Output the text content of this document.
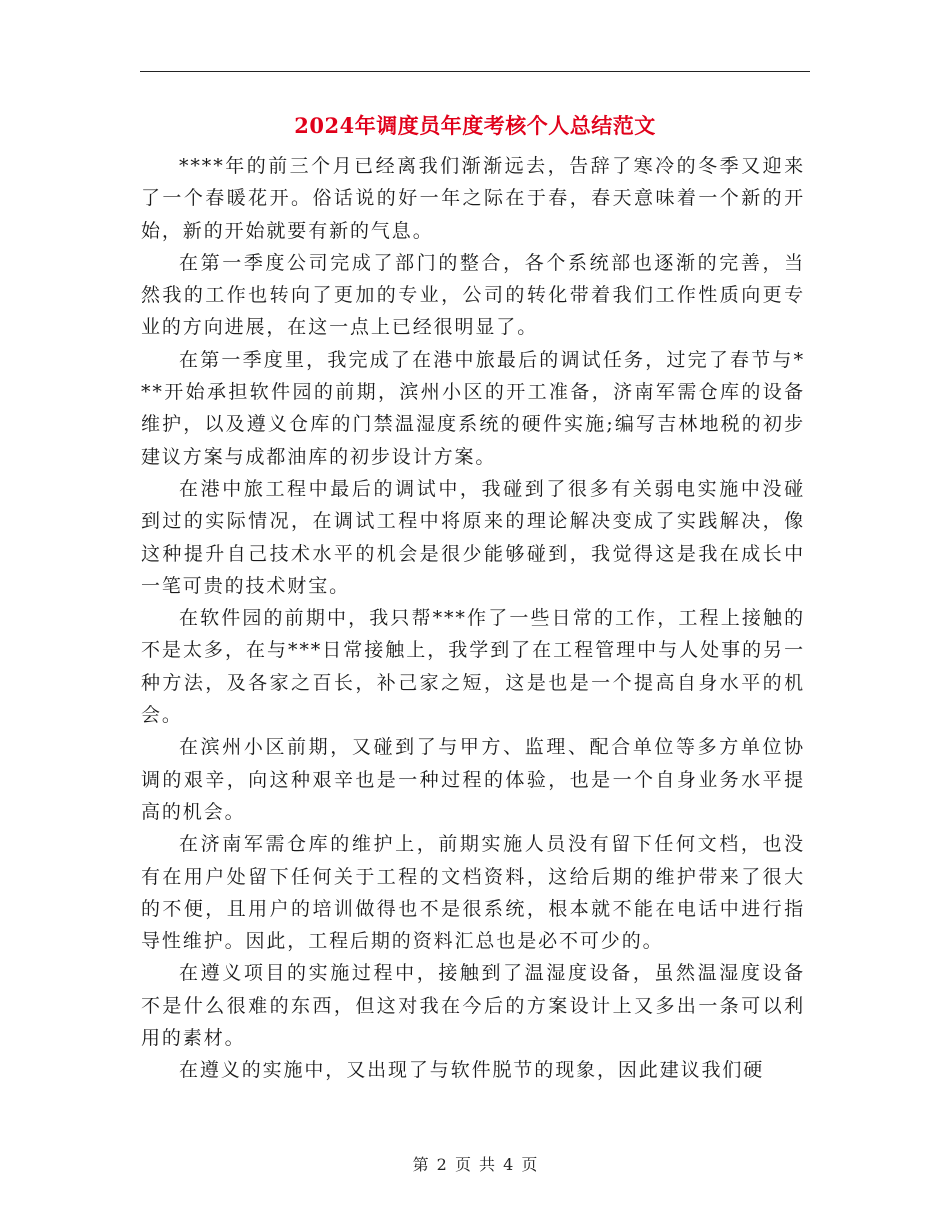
2024年调度员年度考核个人总结范文

****年的前三个月已经离我们渐渐远去，告辞了寒冷的冬季又迎来了一个春暖花开。俗话说的好一年之际在于春，春天意味着一个新的开始，新的开始就要有新的气息。

在第一季度公司完成了部门的整合，各个系统部也逐渐的完善，当然我的工作也转向了更加的专业，公司的转化带着我们工作性质向更专业的方向进展，在这一点上已经很明显了。

在第一季度里，我完成了在港中旅最后的调试任务，过完了春节与***开始承担软件园的前期，滨州小区的开工准备，济南军需仓库的设备维护，以及遵义仓库的门禁温湿度系统的硬件实施;编写吉林地税的初步建议方案与成都油库的初步设计方案。

在港中旅工程中最后的调试中，我碰到了很多有关弱电实施中没碰到过的实际情况，在调试工程中将原来的理论解决变成了实践解决，像这种提升自己技术水平的机会是很少能够碰到，我觉得这是我在成长中一笔可贵的技术财宝。

在软件园的前期中，我只帮***作了一些日常的工作，工程上接触的不是太多，在与***日常接触上，我学到了在工程管理中与人处事的另一种方法，及各家之百长，补己家之短，这是也是一个提高自身水平的机会。

在滨州小区前期，又碰到了与甲方、监理、配合单位等多方单位协调的艰辛，向这种艰辛也是一种过程的体验，也是一个自身业务水平提高的机会。

在济南军需仓库的维护上，前期实施人员没有留下任何文档，也没有在用户处留下任何关于工程的文档资料，这给后期的维护带来了很大的不便，且用户的培训做得也不是很系统，根本就不能在电话中进行指导性维护。因此，工程后期的资料汇总也是必不可少的。

在遵义项目的实施过程中，接触到了温湿度设备，虽然温湿度设备不是什么很难的东西，但这对我在今后的方案设计上又多出一条可以利用的素材。

在遵义的实施中，又出现了与软件脱节的现象，因此建议我们硬

第 2 页 共 4 页
